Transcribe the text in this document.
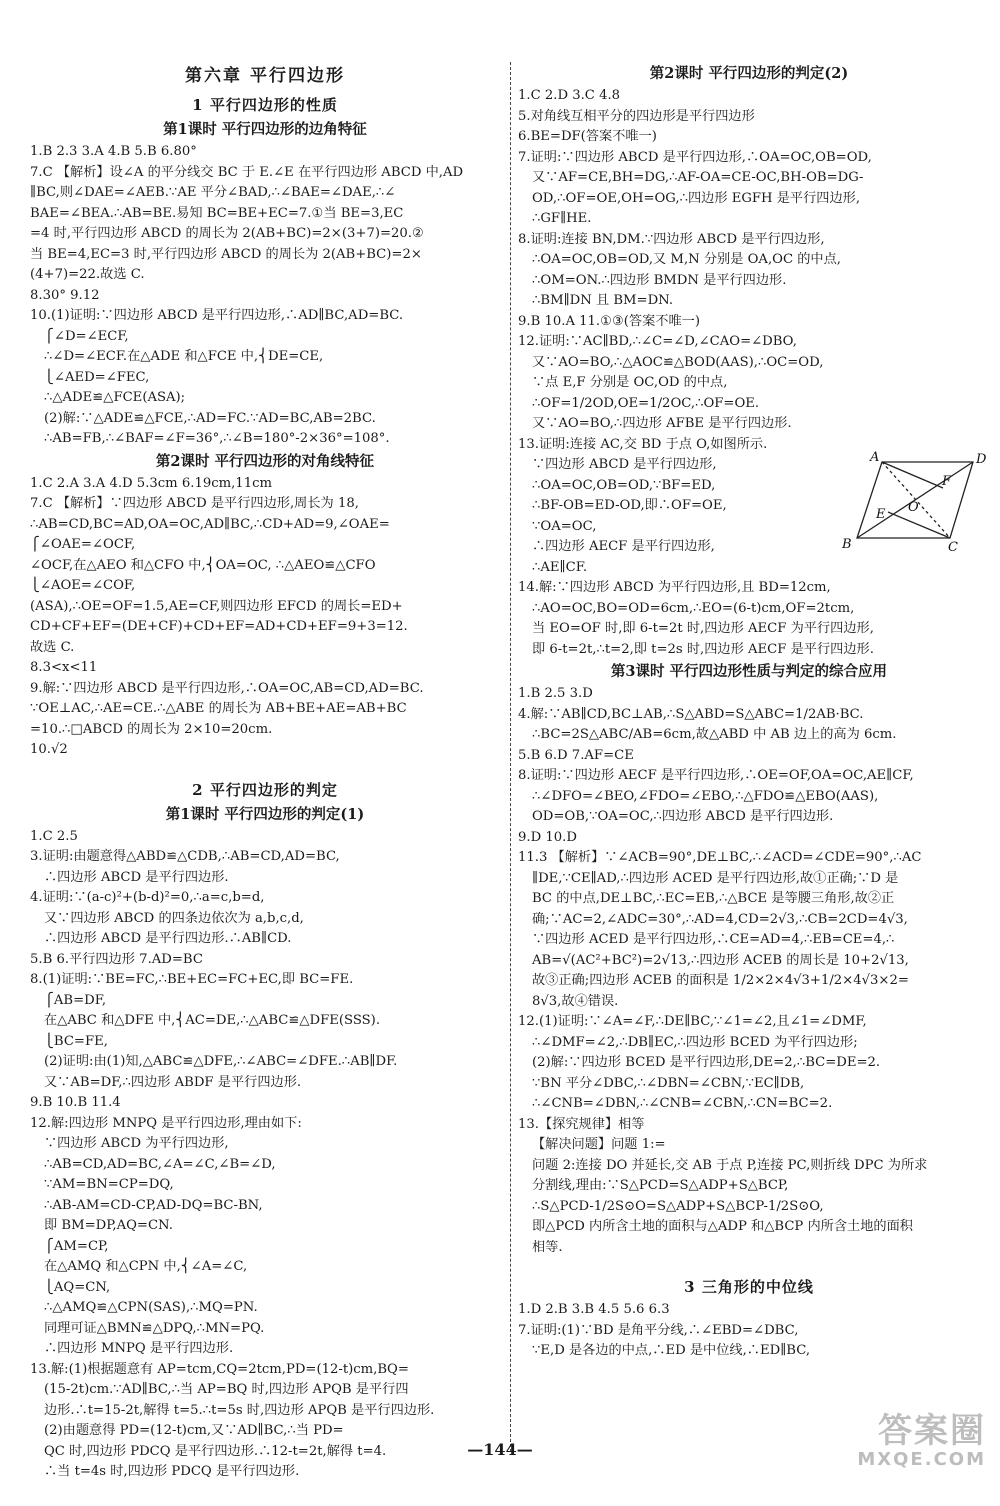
第六章 平行四边形
1 平行四边形的性质
第1课时 平行四边形的边角特征
1.B 2.3 3.A 4.B 5.B 6.80°
7.C 【解析】设∠A 的平分线交 BC 于 E.∠E 在平行四边形 ABCD 中,AD
∥BC,则∠DAE=∠AEB.∵AE 平分∠BAD,∴∠BAE=∠DAE,∴∠
BAE=∠BEA.∴AB=BE.易知 BC=BE+EC=7.①当 BE=3,EC
=4 时,平行四边形 ABCD 的周长为 2(AB+BC)=2×(3+7)=20.②
当 BE=4,EC=3 时,平行四边形 ABCD 的周长为 2(AB+BC)=2×
(4+7)=22.故选 C.
8.30° 9.12
10.(1)证明:∵四边形 ABCD 是平行四边形,∴AD∥BC,AD=BC.
⎧∠D=∠ECF,
∴∠D=∠ECF.在△ADE 和△FCE 中,⎨DE=CE,
⎩∠AED=∠FEC,
∴△ADE≌△FCE(ASA);
(2)解:∵△ADE≌△FCE,∴AD=FC.∵AD=BC,AB=2BC.
∴AB=FB,∴∠BAF=∠F=36°,∴∠B=180°-2×36°=108°.
第2课时 平行四边形的对角线特征
1.C 2.A 3.A 4.D 5.3cm 6.19cm,11cm
7.C 【解析】∵四边形 ABCD 是平行四边形,周长为 18,
∴AB=CD,BC=AD,OA=OC,AD∥BC,∴CD+AD=9,∠OAE=
⎧∠OAE=∠OCF,
∠OCF,在△AEO 和△CFO 中,⎨OA=OC, ∴△AEO≌△CFO
⎩∠AOE=∠COF,
(ASA),∴OE=OF=1.5,AE=CF,则四边形 EFCD 的周长=ED+
CD+CF+EF=(DE+CF)+CD+EF=AD+CD+EF=9+3=12.
故选 C.
8.3<x<11
9.解:∵四边形 ABCD 是平行四边形,∴OA=OC,AB=CD,AD=BC.
∵OE⊥AC,∴AE=CE.∴△ABE 的周长为 AB+BE+AE=AB+BC
=10.∴□ABCD 的周长为 2×10=20cm.
10.√2
2 平行四边形的判定
第1课时 平行四边形的判定(1)
1.C 2.5
3.证明:由题意得△ABD≌△CDB,∴AB=CD,AD=BC,
∴四边形 ABCD 是平行四边形.
4.证明:∵(a-c)²+(b-d)²=0,∴a=c,b=d,
又∵四边形 ABCD 的四条边依次为 a,b,c,d,
∴四边形 ABCD 是平行四边形.∴AB∥CD.
5.B 6.平行四边形 7.AD=BC
8.(1)证明:∵BE=FC,∴BE+EC=FC+EC,即 BC=FE.
⎧AB=DF,
在△ABC 和△DFE 中,⎨AC=DE,∴△ABC≌△DFE(SSS).
⎩BC=FE,
(2)证明:由(1)知,△ABC≌△DFE,∴∠ABC=∠DFE.∴AB∥DF.
又∵AB=DF,∴四边形 ABDF 是平行四边形.
9.B 10.B 11.4
12.解:四边形 MNPQ 是平行四边形,理由如下:
∵四边形 ABCD 为平行四边形,
∴AB=CD,AD=BC,∠A=∠C,∠B=∠D,
∵AM=BN=CP=DQ,
∴AB-AM=CD-CP,AD-DQ=BC-BN,
即 BM=DP,AQ=CN.
⎧AM=CP,
在△AMQ 和△CPN 中,⎨∠A=∠C,
⎩AQ=CN,
∴△AMQ≌△CPN(SAS),∴MQ=PN.
同理可证△BMN≌△DPQ,∴MN=PQ.
∴四边形 MNPQ 是平行四边形.
13.解:(1)根据题意有 AP=tcm,CQ=2tcm,PD=(12-t)cm,BQ=
(15-2t)cm.∵AD∥BC,∴当 AP=BQ 时,四边形 APQB 是平行四
边形.∴t=15-2t,解得 t=5.∴t=5s 时,四边形 APQB 是平行四边形.
(2)由题意得 PD=(12-t)cm,又∵AD∥BC,∴当 PD=
QC 时,四边形 PDCQ 是平行四边形.∴12-t=2t,解得 t=4.
∴当 t=4s 时,四边形 PDCQ 是平行四边形.
第2课时 平行四边形的判定(2)
1.C 2.D 3.C 4.8
5.对角线互相平分的四边形是平行四边形
6.BE=DF(答案不唯一)
7.证明:∵四边形 ABCD 是平行四边形,∴OA=OC,OB=OD,
又∵AF=CE,BH=DG,∴AF-OA=CE-OC,BH-OB=DG-
OD,∴OF=OE,OH=OG,∴四边形 EGFH 是平行四边形,
∴GF∥HE.
8.证明:连接 BN,DM.∵四边形 ABCD 是平行四边形,
∴OA=OC,OB=OD,又 M,N 分别是 OA,OC 的中点,
∴OM=ON.∴四边形 BMDN 是平行四边形.
∴BM∥DN 且 BM=DN.
9.B 10.A 11.①③(答案不唯一)
12.证明:∵AC∥BD,∴∠C=∠D,∠CAO=∠DBO,
又∵AO=BO,∴△AOC≌△BOD(AAS),∴OC=OD,
∵点 E,F 分别是 OC,OD 的中点,
∴OF=1/2OD,OE=1/2OC,∴OF=OE.
又∵AO=BO,∴四边形 AFBE 是平行四边形.
13.证明:连接 AC,交 BD 于点 O,如图所示.
∵四边形 ABCD 是平行四边形,
∴OA=OC,OB=OD,∵BF=ED,
∴BF-OB=ED-OD,即∴OF=OE,
∵OA=OC,
∴四边形 AECF 是平行四边形,
∴AE∥CF.
14.解:∵四边形 ABCD 为平行四边形,且 BD=12cm,
∴AO=OC,BO=OD=6cm,∴EO=(6-t)cm,OF=2tcm,
当 EO=OF 时,即 6-t=2t 时,四边形 AECF 为平行四边形,
即 6-t=2t,∴t=2,即 t=2s 时,四边形 AECF 是平行四边形.
第3课时 平行四边形性质与判定的综合应用
1.B 2.5 3.D
4.解:∵AB∥CD,BC⊥AB,∴S△ABD=S△ABC=1/2AB·BC.
∴BC=2S△ABC/AB=6cm,故△ABD 中 AB 边上的高为 6cm.
5.B 6.D 7.AF=CE
8.证明:∵四边形 AECF 是平行四边形,∴OE=OF,OA=OC,AE∥CF,
∴∠DFO=∠BEO,∠FDO=∠EBO,∴△FDO≌△EBO(AAS),
OD=OB,∵OA=OC,∴四边形 ABCD 是平行四边形.
9.D 10.D
11.3 【解析】∵∠ACB=90°,DE⊥BC,∴∠ACD=∠CDE=90°,∴AC
∥DE,∵CE∥AD,∴四边形 ACED 是平行四边形,故①正确;∵D 是
BC 的中点,DE⊥BC,∴EC=EB,∴△BCE 是等腰三角形,故②正
确;∵AC=2,∠ADC=30°,∴AD=4,CD=2√3,∴CB=2CD=4√3,
∵四边形 ACED 是平行四边形,∴CE=AD=4,∴EB=CE=4,∴
AB=√(AC²+BC²)=2√13,∴四边形 ACEB 的周长是 10+2√13,
故③正确;四边形 ACEB 的面积是 1/2×2×4√3+1/2×4√3×2=
8√3,故④错误.
12.(1)证明:∵∠A=∠F,∴DE∥BC,∵∠1=∠2,且∠1=∠DMF,
∴∠DMF=∠2,∴DB∥EC,∴四边形 BCED 为平行四边形;
(2)解:∵四边形 BCED 是平行四边形,DE=2,∴BC=DE=2.
∵BN 平分∠DBC,∴∠DBN=∠CBN,∵EC∥DB,
∴∠CNB=∠DBN,∴∠CNB=∠CBN,∴CN=BC=2.
13.【探究规律】相等
【解决问题】问题 1:=
问题 2:连接 DO 并延长,交 AB 于点 P,连接 PC,则折线 DPC 为所求
分割线,理由:∵S△PCD=S△ADP+S△BCP,
∴S△PCD-1/2S⊙O=S△ADP+S△BCP-1/2S⊙O,
即△PCD 内所含土地的面积与△ADP 和△BCP 内所含土地的面积
相等.
3 三角形的中位线
1.D 2.B 3.B 4.5 5.6 6.3
7.证明:(1)∵BD 是角平分线,∴∠EBD=∠DBC,
∵E,D 是各边的中点,∴ED 是中位线,∴ED∥BC,
A	D
F
E O
B	C
—144—	答案圈
MXQE.COM
